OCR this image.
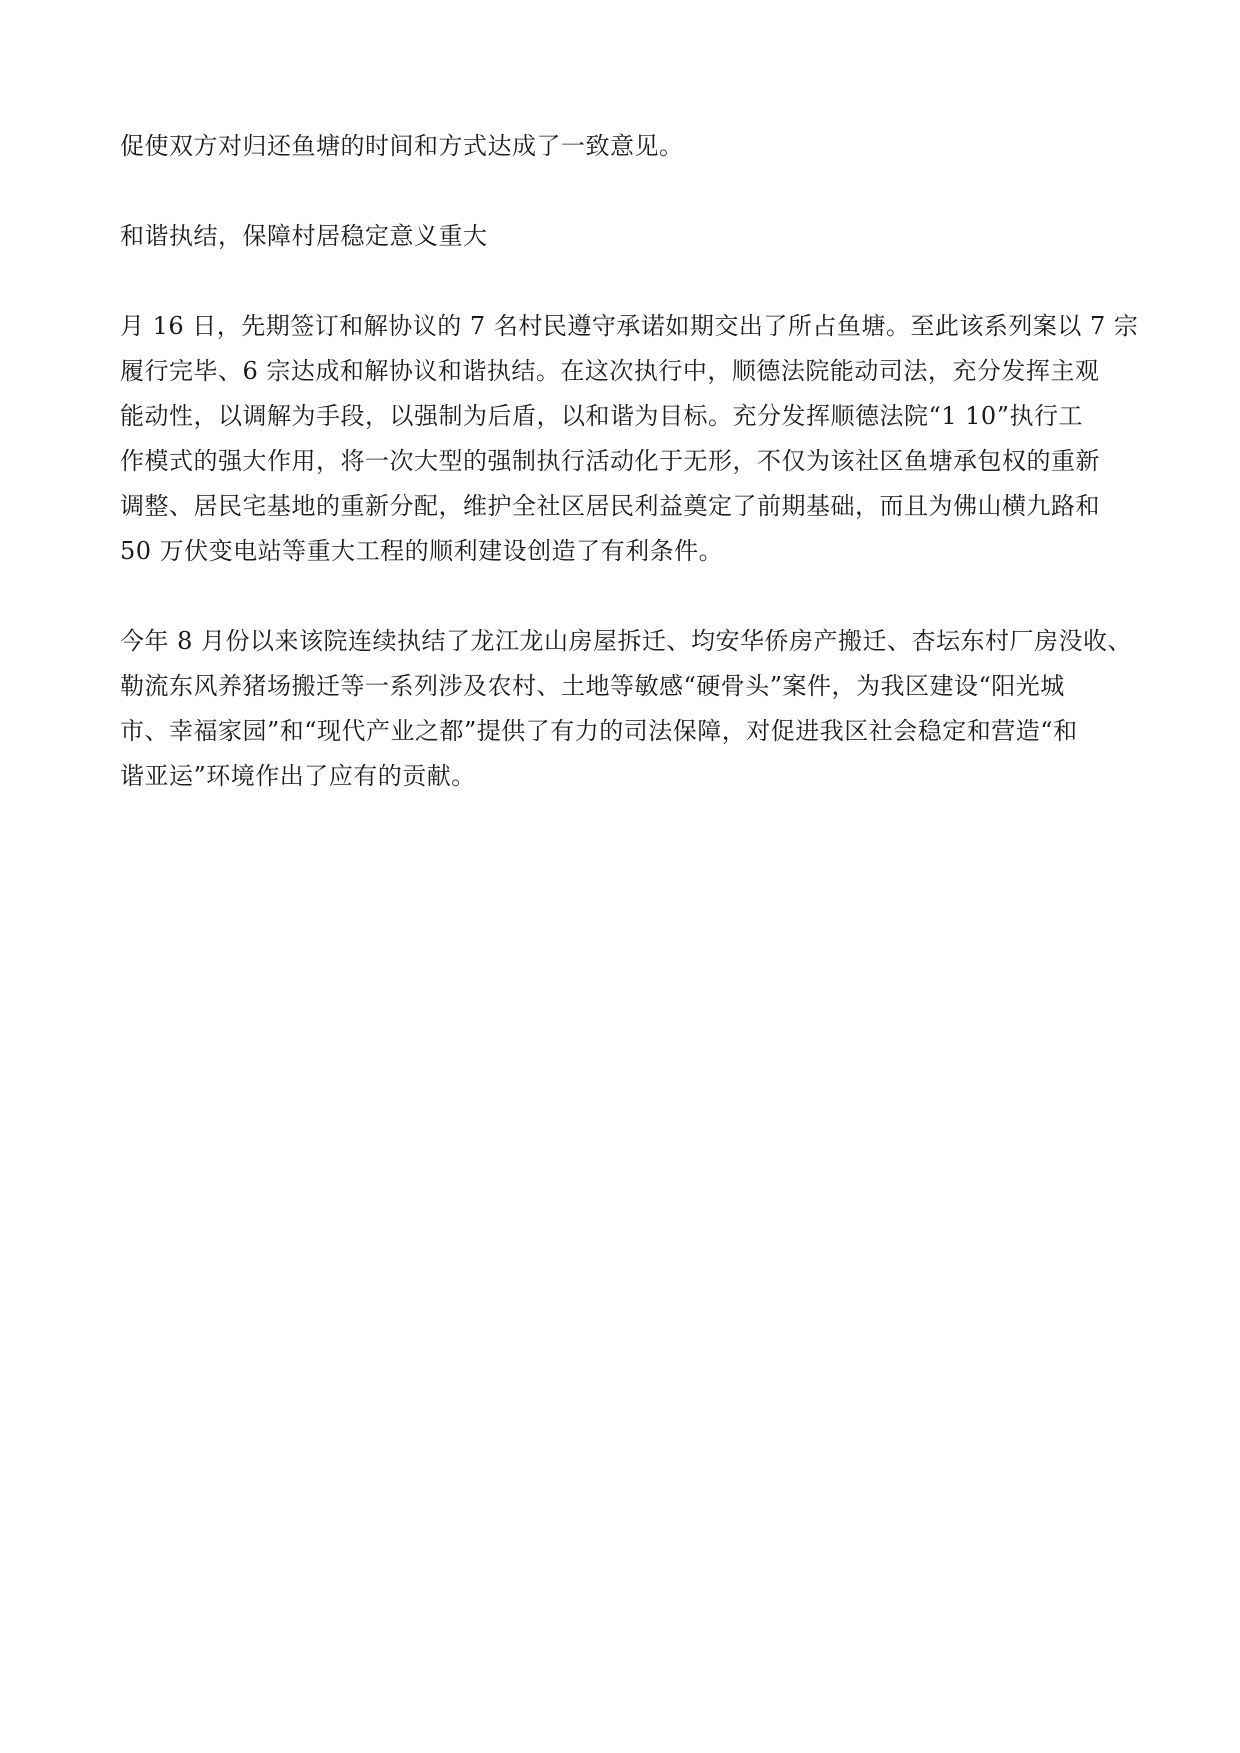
促使双方对归还鱼塘的时间和方式达成了一致意见。

和谐执结，保障村居稳定意义重大

月 16 日，先期签订和解协议的 7 名村民遵守承诺如期交出了所占鱼塘。至此该系列案以 7 宗
履行完毕、6 宗达成和解协议和谐执结。在这次执行中，顺德法院能动司法，充分发挥主观
能动性，以调解为手段，以强制为后盾，以和谐为目标。充分发挥顺德法院“1 10”执行工
作模式的强大作用，将一次大型的强制执行活动化于无形，不仅为该社区鱼塘承包权的重新
调整、居民宅基地的重新分配，维护全社区居民利益奠定了前期基础，而且为佛山横九路和
50 万伏变电站等重大工程的顺利建设创造了有利条件。

今年 8 月份以来该院连续执结了龙江龙山房屋拆迁、均安华侨房产搬迁、杏坛东村厂房没收、
勒流东风养猪场搬迁等一系列涉及农村、土地等敏感“硬骨头”案件，为我区建设“阳光城
市、幸福家园”和“现代产业之都”提供了有力的司法保障，对促进我区社会稳定和营造“和
谐亚运”环境作出了应有的贡献。
